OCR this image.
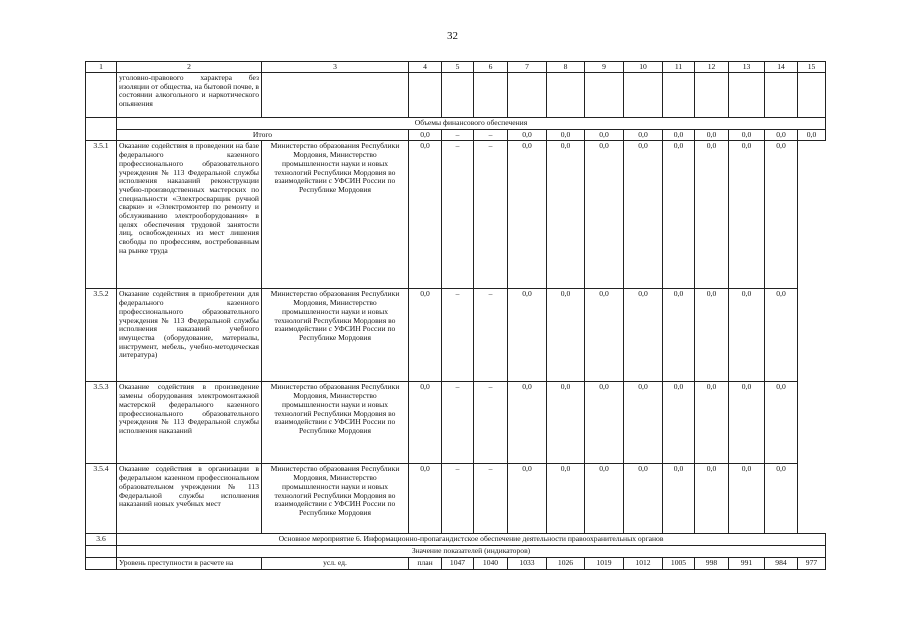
32
1	2	3	4	5	6	7	8	9	10	11	12	13	14	15
	уголовно-правового характера без изоляции от общества, на бытовой почве, в состоянии алкогольного и наркотического опьянения													
	Объемы финансового обеспечения													
	Итого		0,0	–	–	0,0	0,0	0,0	0,0	0,0	0,0	0,0	0,0	0,0
3.5.1	Оказание содействия в проведении на базе федерального казенного профессионального образовательного учреждения № 113 Федеральной службы исполнения наказаний реконструкции учебно-производственных мастерских по специальности «Электросварщик ручной сварки» и «Электромонтер по ремонту и обслуживанию электрооборудования» в целях обеспечения трудовой занятости лиц, освобожденных из мест лишения свободы по профессиям, востребованным на рынке труда	Министерство образования Республики Мордовия, Министерство промышленности науки и новых технологий Республики Мордовия во взаимодействии с УФСИН России по Республике Мордовия	0,0	–	–	0,0	0,0	0,0	0,0	0,0	0,0	0,0	0,0	
3.5.2	Оказание содействия в приобретении для федерального казенного профессионального образовательного учреждения № 113 Федеральной службы исполнения наказаний учебного имущества (оборудование, материалы, инструмент, мебель, учебно-методическая литература)	Министерство образования Республики Мордовия, Министерство промышленности науки и новых технологий Республики Мордовия во взаимодействии с УФСИН России по Республике Мордовия	0,0	–	–	0,0	0,0	0,0	0,0	0,0	0,0	0,0	0,0	
3.5.3	Оказание содействия в произведение замены оборудования электромонтажной мастерской федерального казенного профессионального образовательного учреждения № 113 Федеральной службы исполнения наказаний	Министерство образования Республики Мордовия, Министерство промышленности науки и новых технологий Республики Мордовия во взаимодействии с УФСИН России по Республике Мордовия	0,0	–	–	0,0	0,0	0,0	0,0	0,0	0,0	0,0	0,0	
3.5.4	Оказание содействия в организации в федеральном казенном профессиональном образовательном учреждении № 113 Федеральной службы исполнения наказаний новых учебных мест	Министерство образования Республики Мордовия, Министерство промышленности науки и новых технологий Республики Мордовия во взаимодействии с УФСИН России по Республике Мордовия	0,0	–	–	0,0	0,0	0,0	0,0	0,0	0,0	0,0	0,0	
3.6	Основное мероприятие 6. Информационно-пропагандистское обеспечение деятельности правоохранительных органов													
	Значение показателей (индикаторов)													
	Уровень преступности в расчете на	усл. ед.	план	1047	1040	1033	1026	1019	1012	1005	998	991	984	977
